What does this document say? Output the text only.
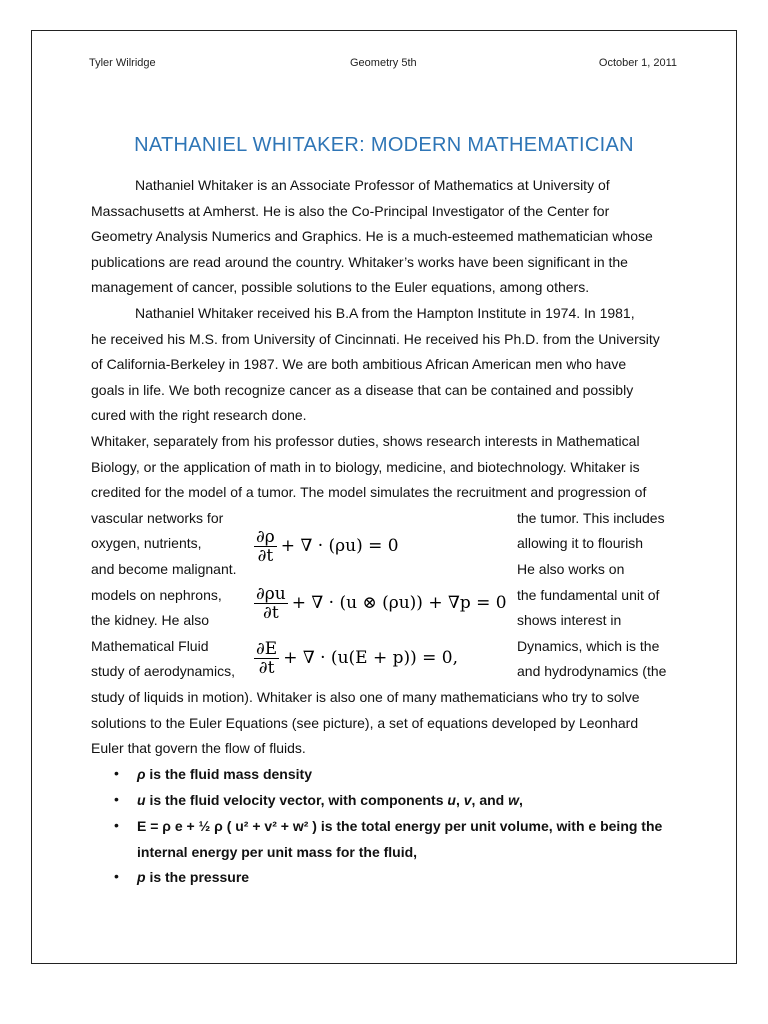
Tyler Wilridge	Geometry 5th	October 1, 2011
NATHANIEL WHITAKER: MODERN MATHEMATICIAN
Nathaniel Whitaker is an Associate Professor of Mathematics at University of
Massachusetts at Amherst. He is also the Co-Principal Investigator of the Center for
Geometry Analysis Numerics and Graphics. He is a much-esteemed mathematician whose
publications are read around the country. Whitaker’s works have been significant in the
management of cancer, possible solutions to the Euler equations, among others.
Nathaniel Whitaker received his B.A from the Hampton Institute in 1974. In 1981,
he received his M.S. from University of Cincinnati. He received his Ph.D. from the University
of California-Berkeley in 1987. We are both ambitious African American men who have
goals in life. We both recognize cancer as a disease that can be contained and possibly
cured with the right research done.
Whitaker, separately from his professor duties, shows research interests in Mathematical
Biology, or the application of math in to biology, medicine, and biotechnology. Whitaker is
credited for the model of a tumor. The model simulates the recruitment and progression of
vascular networks for
oxygen, nutrients,
and become malignant.
models on nephrons,
the kidney. He also
Mathematical Fluid
study of aerodynamics,
the tumor. This includes
allowing it to flourish
He also works on
the fundamental unit of
shows interest in
Dynamics, which is the
and hydrodynamics (the
$\frac{\partial\rho}{\partial t}$ + ∇ · (ρu) = 0
$\frac{\partial\rho u}{\partial t}$ + ∇ · (u ⊗ (ρu)) + ∇p = 0
$\frac{\partial E}{\partial t}$ + ∇ · (u(E + p)) = 0,
study of liquids in motion). Whitaker is also one of many mathematicians who try to solve
solutions to the Euler Equations (see picture), a set of equations developed by Leonhard
Euler that govern the flow of fluids.
• ρ is the fluid mass density
• u is the fluid velocity vector, with components u, v, and w,
• E = ρ e + ½ ρ ( u² + v² + w² ) is the total energy per unit volume, with e being the
internal energy per unit mass for the fluid,
• p is the pressure
